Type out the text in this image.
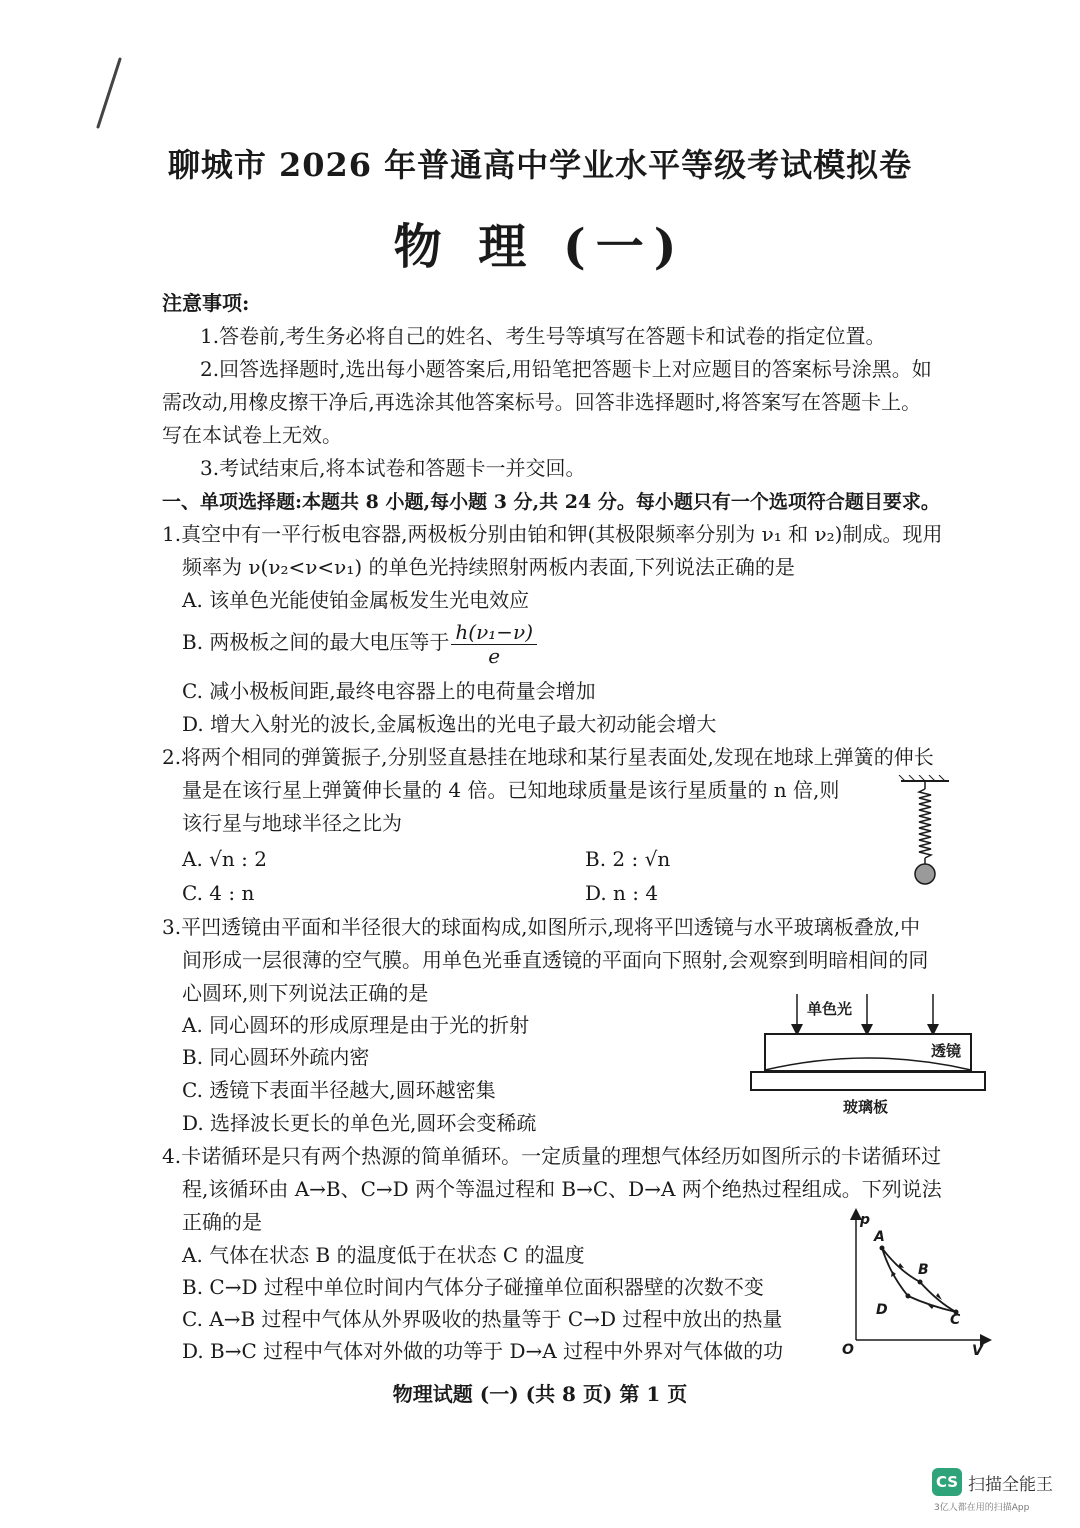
聊城市 2026 年普通高中学业水平等级考试模拟卷
物 理 (一)
注意事项:
1.答卷前,考生务必将自己的姓名、考生号等填写在答题卡和试卷的指定位置。
2.回答选择题时,选出每小题答案后,用铅笔把答题卡上对应题目的答案标号涂黑。如
需改动,用橡皮擦干净后,再选涂其他答案标号。回答非选择题时,将答案写在答题卡上。
写在本试卷上无效。
3.考试结束后,将本试卷和答题卡一并交回。
一、单项选择题:本题共 8 小题,每小题 3 分,共 24 分。每小题只有一个选项符合题目要求。
1.真空中有一平行板电容器,两极板分别由铂和钾(其极限频率分别为 ν₁ 和 ν₂)制成。现用
频率为 ν(ν₂<ν<ν₁) 的单色光持续照射两板内表面,下列说法正确的是
A. 该单色光能使铂金属板发生光电效应
B. 两极板之间的最大电压等于 $\frac{\text{h(ν₁−ν)}}{e}$
C. 减小极板间距,最终电容器上的电荷量会增加
D. 增大入射光的波长,金属板逸出的光电子最大初动能会增大
2.将两个相同的弹簧振子,分别竖直悬挂在地球和某行星表面处,发现在地球上弹簧的伸长
量是在该行星上弹簧伸长量的 4 倍。已知地球质量是该行星质量的 n 倍,则
该行星与地球半径之比为
A. √n : 2	B. 2 : √n
C. 4 : n	D. n : 4
3.平凹透镜由平面和半径很大的球面构成,如图所示,现将平凹透镜与水平玻璃板叠放,中
间形成一层很薄的空气膜。用单色光垂直透镜的平面向下照射,会观察到明暗相间的同
心圆环,则下列说法正确的是
A. 同心圆环的形成原理是由于光的折射
B. 同心圆环外疏内密
C. 透镜下表面半径越大,圆环越密集
D. 选择波长更长的单色光,圆环会变稀疏
单色光
透镜
玻璃板
4.卡诺循环是只有两个热源的简单循环。一定质量的理想气体经历如图所示的卡诺循环过
程,该循环由 A→B、C→D 两个等温过程和 B→C、D→A 两个绝热过程组成。下列说法
正确的是
A. 气体在状态 B 的温度低于在状态 C 的温度
B. C→D 过程中单位时间内气体分子碰撞单位面积器壁的次数不变
C. A→B 过程中气体从外界吸收的热量等于 C→D 过程中放出的热量
D. B→C 过程中气体对外做的功等于 D→A 过程中外界对气体做的功
p
V
O
A
B
C
D
物理试题 (一) (共 8 页) 第 1 页
CS 扫描全能王
3亿人都在用的扫描App
